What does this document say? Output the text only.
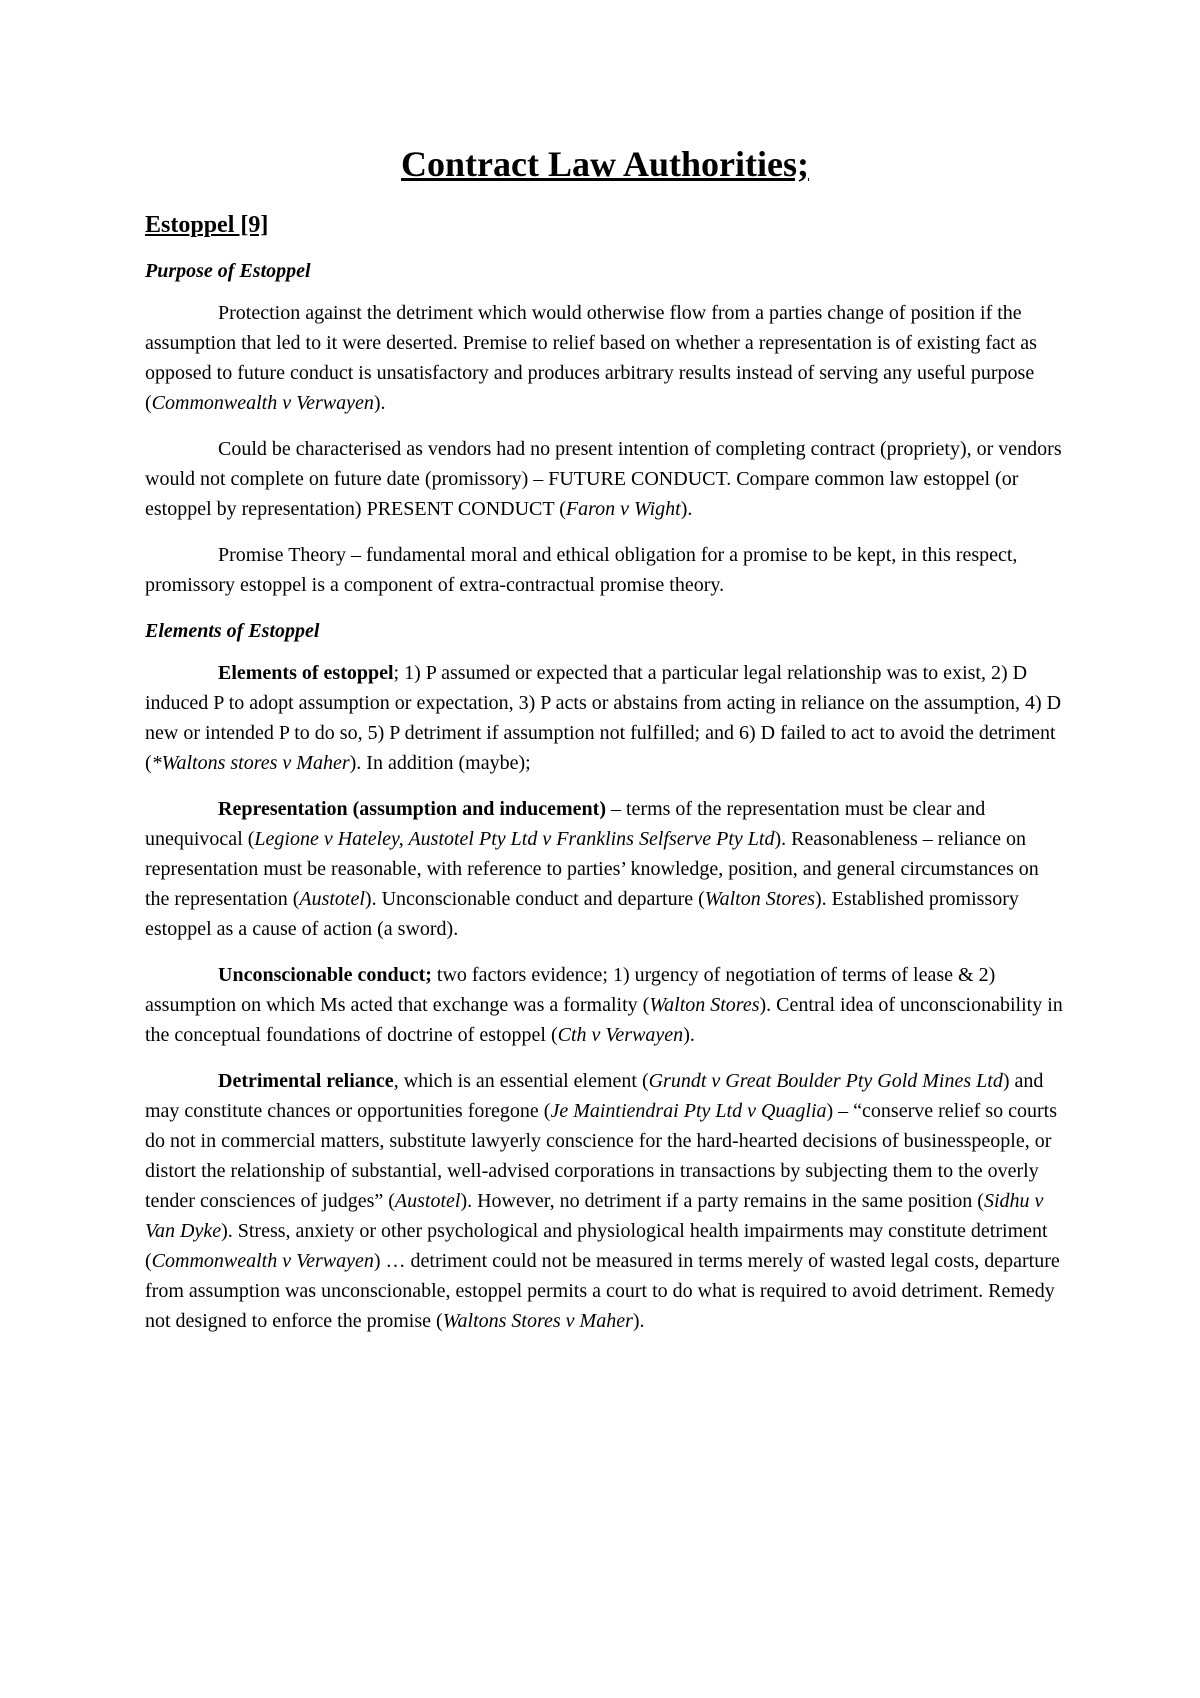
Contract Law Authorities;
Estoppel [9]
Purpose of Estoppel

Protection against the detriment which would otherwise flow from a parties change of position if the assumption that led to it were deserted. Premise to relief based on whether a representation is of existing fact as opposed to future conduct is unsatisfactory and produces arbitrary results instead of serving any useful purpose (Commonwealth v Verwayen).

Could be characterised as vendors had no present intention of completing contract (propriety), or vendors would not complete on future date (promissory) – FUTURE CONDUCT. Compare common law estoppel (or estoppel by representation) PRESENT CONDUCT (Faron v Wight).

Promise Theory – fundamental moral and ethical obligation for a promise to be kept, in this respect, promissory estoppel is a component of extra-contractual promise theory.

Elements of Estoppel

Elements of estoppel; 1) P assumed or expected that a particular legal relationship was to exist, 2) D induced P to adopt assumption or expectation, 3) P acts or abstains from acting in reliance on the assumption, 4) D new or intended P to do so, 5) P detriment if assumption not fulfilled; and 6) D failed to act to avoid the detriment (*Waltons stores v Maher). In addition (maybe);

Representation (assumption and inducement) – terms of the representation must be clear and unequivocal (Legione v Hateley, Austotel Pty Ltd v Franklins Selfserve Pty Ltd). Reasonableness – reliance on representation must be reasonable, with reference to parties’ knowledge, position, and general circumstances on the representation (Austotel). Unconscionable conduct and departure (Walton Stores). Established promissory estoppel as a cause of action (a sword).

Unconscionable conduct; two factors evidence; 1) urgency of negotiation of terms of lease & 2) assumption on which Ms acted that exchange was a formality (Walton Stores). Central idea of unconscionability in the conceptual foundations of doctrine of estoppel (Cth v Verwayen).

Detrimental reliance, which is an essential element (Grundt v Great Boulder Pty Gold Mines Ltd) and may constitute chances or opportunities foregone (Je Maintiendrai Pty Ltd v Quaglia) – “conserve relief so courts do not in commercial matters, substitute lawyerly conscience for the hard-hearted decisions of businesspeople, or distort the relationship of substantial, well-advised corporations in transactions by subjecting them to the overly tender consciences of judges” (Austotel). However, no detriment if a party remains in the same position (Sidhu v Van Dyke). Stress, anxiety or other psychological and physiological health impairments may constitute detriment (Commonwealth v Verwayen) … detriment could not be measured in terms merely of wasted legal costs, departure from assumption was unconscionable, estoppel permits a court to do what is required to avoid detriment. Remedy not designed to enforce the promise (Waltons Stores v Maher).
